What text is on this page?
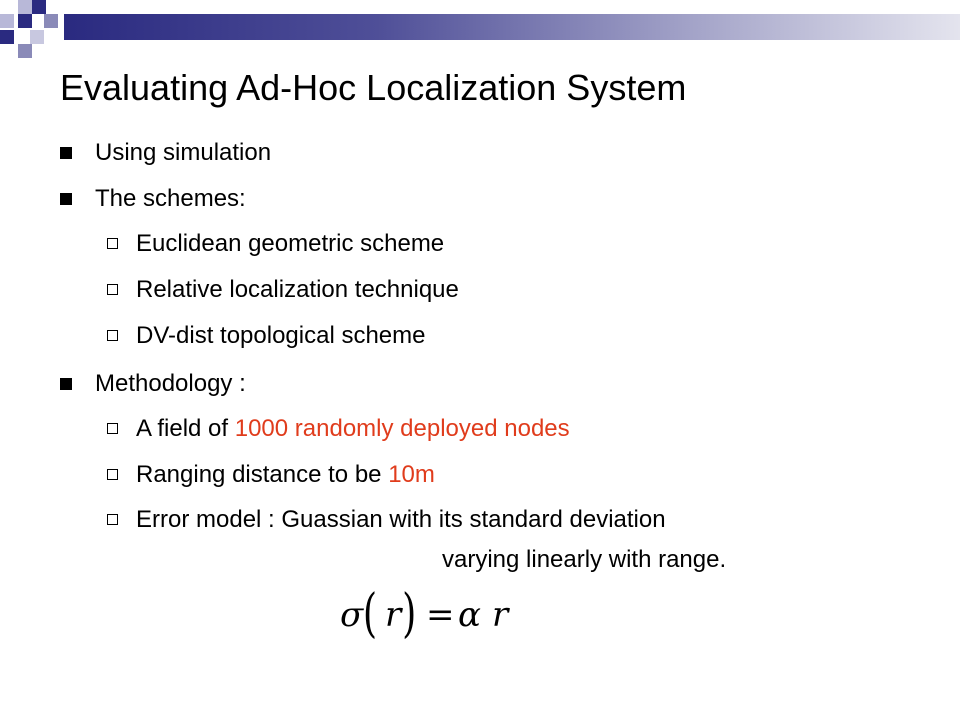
Evaluating Ad-Hoc Localization System
Using simulation
The schemes:
Euclidean geometric scheme
Relative localization technique
DV-dist topological scheme
Methodology :
A field of 1000 randomly deployed nodes
Ranging distance to be 10m
Error model : Guassian with its standard deviation
varying linearly with range.
σ ( r ) = α r
